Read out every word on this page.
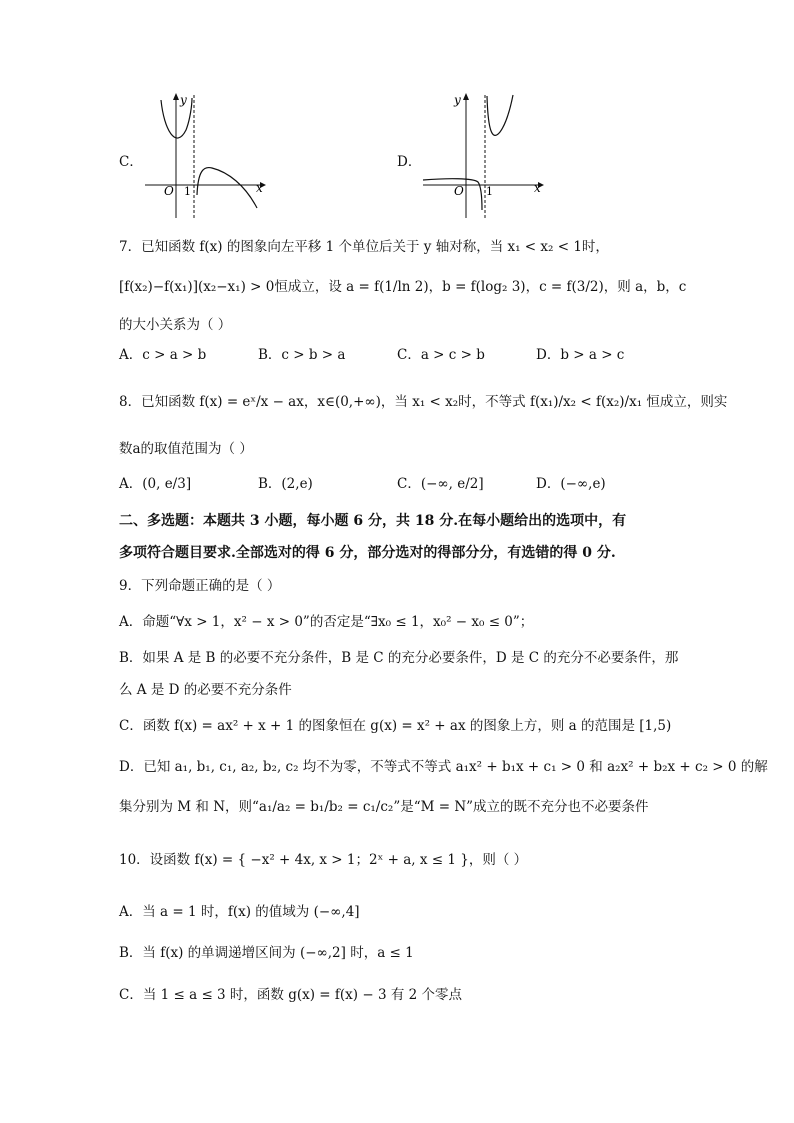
C．
y
x
O 1
D．
y
x
O 1
7．已知函数 f(x) 的图象向左平移 1 个单位后关于 y 轴对称，当 x₁ < x₂ < 1时，
[f(x₂)−f(x₁)](x₂−x₁) > 0恒成立，设 a = f(1/ln 2)，b = f(log₂ 3)，c = f(3/2)，则 a，b，c
的大小关系为（ ）
A．c > a > b	B．c > b > a	C．a > c > b	D．b > a > c
8．已知函数 f(x) = eˣ/x − ax，x∈(0,+∞)，当 x₁ < x₂时，不等式 f(x₁)/x₂ < f(x₂)/x₁ 恒成立，则实
数a的取值范围为（ ）
A．(0, e/3]	B．(2,e)	C．(−∞, e/2]	D．(−∞,e)
二、多选题：本题共 3 小题，每小题 6 分，共 18 分.在每小题给出的选项中，有
多项符合题目要求.全部选对的得 6 分，部分选对的得部分分，有选错的得 0 分.
9．下列命题正确的是（ ）
A．命题“∀x > 1，x² − x > 0”的否定是“∃x₀ ≤ 1，x₀² − x₀ ≤ 0”；
B．如果 A 是 B 的必要不充分条件，B 是 C 的充分必要条件，D 是 C 的充分不必要条件，那
么 A 是 D 的必要不充分条件
C．函数 f(x) = ax² + x + 1 的图象恒在 g(x) = x² + ax 的图象上方，则 a 的范围是 [1,5)
D．已知 a₁, b₁, c₁, a₂, b₂, c₂ 均不为零，不等式不等式 a₁x² + b₁x + c₁ > 0 和 a₂x² + b₂x + c₂ > 0 的解
集分别为 M 和 N，则“a₁/a₂ = b₁/b₂ = c₁/c₂”是“M = N”成立的既不充分也不必要条件
10．设函数 f(x) = { −x² + 4x, x > 1；2ˣ + a, x ≤ 1 }，则（ ）
A．当 a = 1 时，f(x) 的值域为 (−∞,4]
B．当 f(x) 的单调递增区间为 (−∞,2] 时，a ≤ 1
C．当 1 ≤ a ≤ 3 时，函数 g(x) = f(x) − 3 有 2 个零点
